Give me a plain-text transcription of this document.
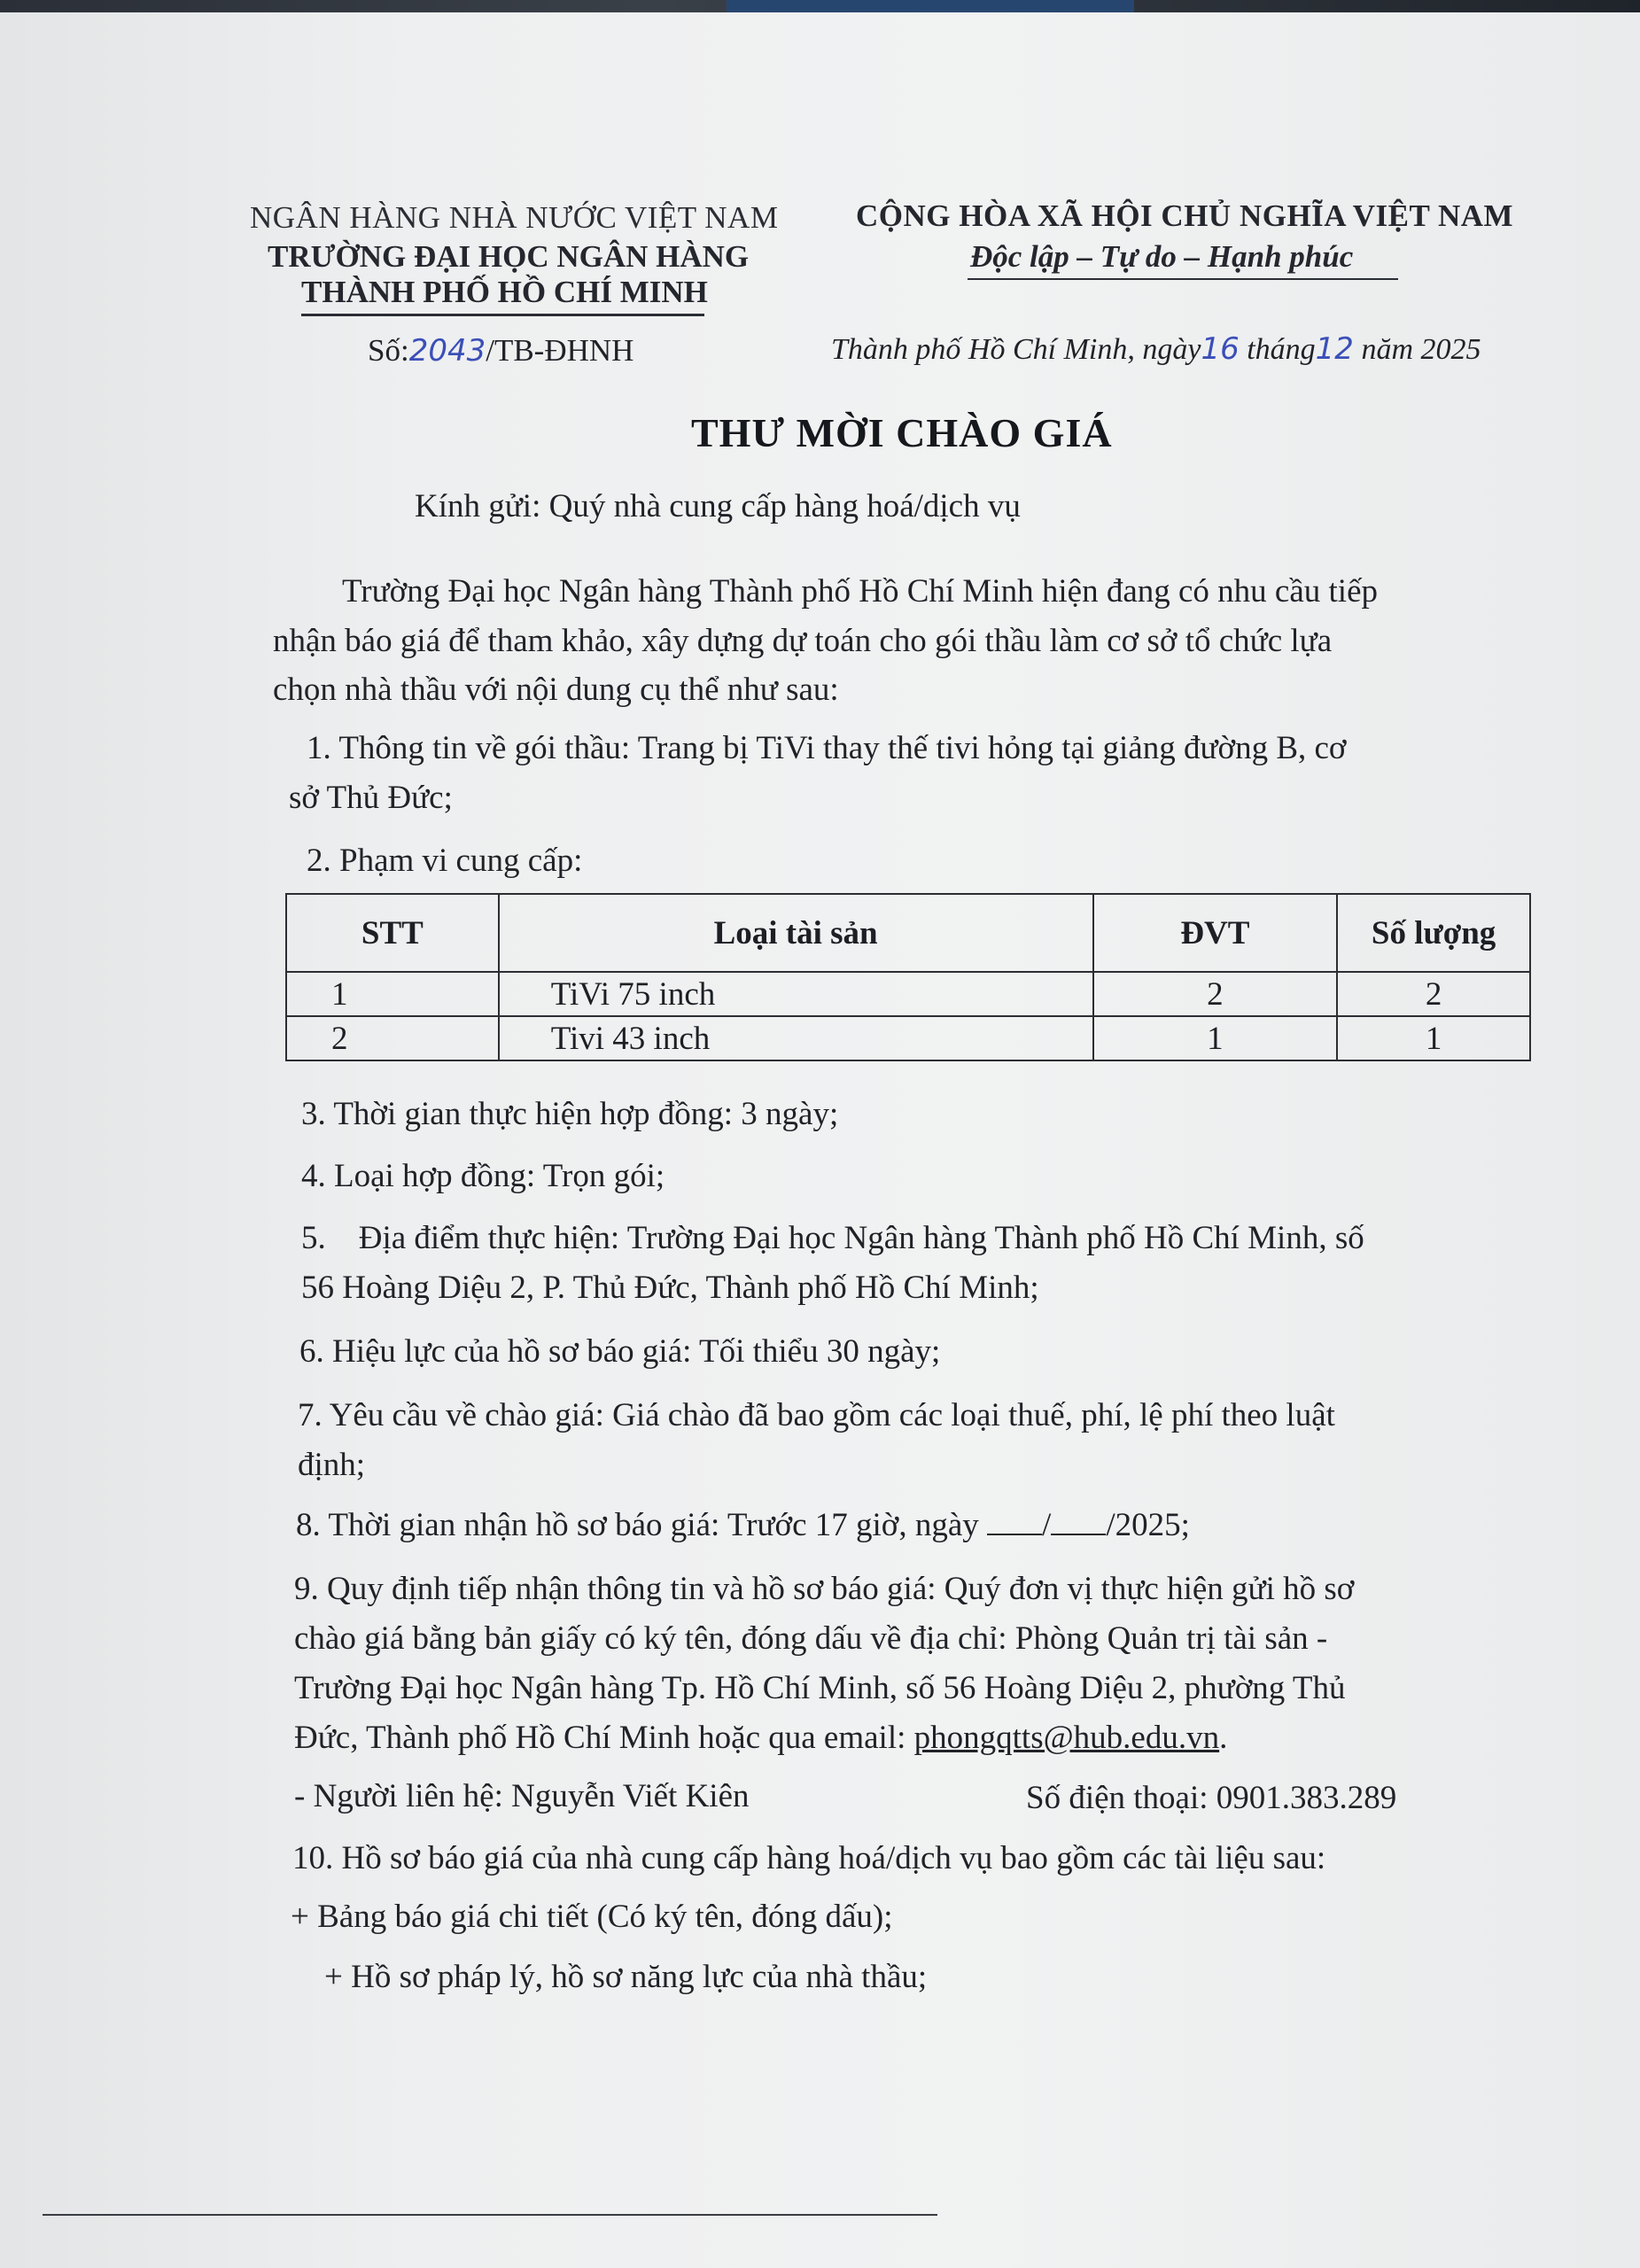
NGÂN HÀNG NHÀ NƯỚC VIỆT NAM
TRƯỜNG ĐẠI HỌC NGÂN HÀNG
THÀNH PHỐ HỒ CHÍ MINH
CỘNG HÒA XÃ HỘI CHỦ NGHĨA VIỆT NAM
Độc lập – Tự do – Hạnh phúc
Số:2043/TB-ĐHNH	Thành phố Hồ Chí Minh, ngày16 tháng12 năm 2025
THƯ MỜI CHÀO GIÁ
Kính gửi: Quý nhà cung cấp hàng hoá/dịch vụ
Trường Đại học Ngân hàng Thành phố Hồ Chí Minh hiện đang có nhu cầu tiếp
nhận báo giá để tham khảo, xây dựng dự toán cho gói thầu làm cơ sở tổ chức lựa
chọn nhà thầu với nội dung cụ thể như sau:
1. Thông tin về gói thầu: Trang bị TiVi thay thế tivi hỏng tại giảng đường B, cơ
sở Thủ Đức;
2. Phạm vi cung cấp:
STT	Loại tài sản	ĐVT	Số lượng
1	TiVi 75 inch	2	2
2	Tivi 43 inch	1	1
3. Thời gian thực hiện hợp đồng: 3 ngày;
4. Loại hợp đồng: Trọn gói;
5.    Địa điểm thực hiện: Trường Đại học Ngân hàng Thành phố Hồ Chí Minh, số
56 Hoàng Diệu 2, P. Thủ Đức, Thành phố Hồ Chí Minh;
6. Hiệu lực của hồ sơ báo giá: Tối thiểu 30 ngày;
7. Yêu cầu về chào giá: Giá chào đã bao gồm các loại thuế, phí, lệ phí theo luật
định;
8. Thời gian nhận hồ sơ báo giá: Trước 17 giờ, ngày / /2025;
9. Quy định tiếp nhận thông tin và hồ sơ báo giá: Quý đơn vị thực hiện gửi hồ sơ
chào giá bằng bản giấy có ký tên, đóng dấu về địa chỉ: Phòng Quản trị tài sản -
Trường Đại học Ngân hàng Tp. Hồ Chí Minh, số 56 Hoàng Diệu 2, phường Thủ
Đức, Thành phố Hồ Chí Minh hoặc qua email: phongqtts@hub.edu.vn.
- Người liên hệ: Nguyễn Viết Kiên	Số điện thoại: 0901.383.289
10. Hồ sơ báo giá của nhà cung cấp hàng hoá/dịch vụ bao gồm các tài liệu sau:
+ Bảng báo giá chi tiết (Có ký tên, đóng dấu);
+ Hồ sơ pháp lý, hồ sơ năng lực của nhà thầu;
